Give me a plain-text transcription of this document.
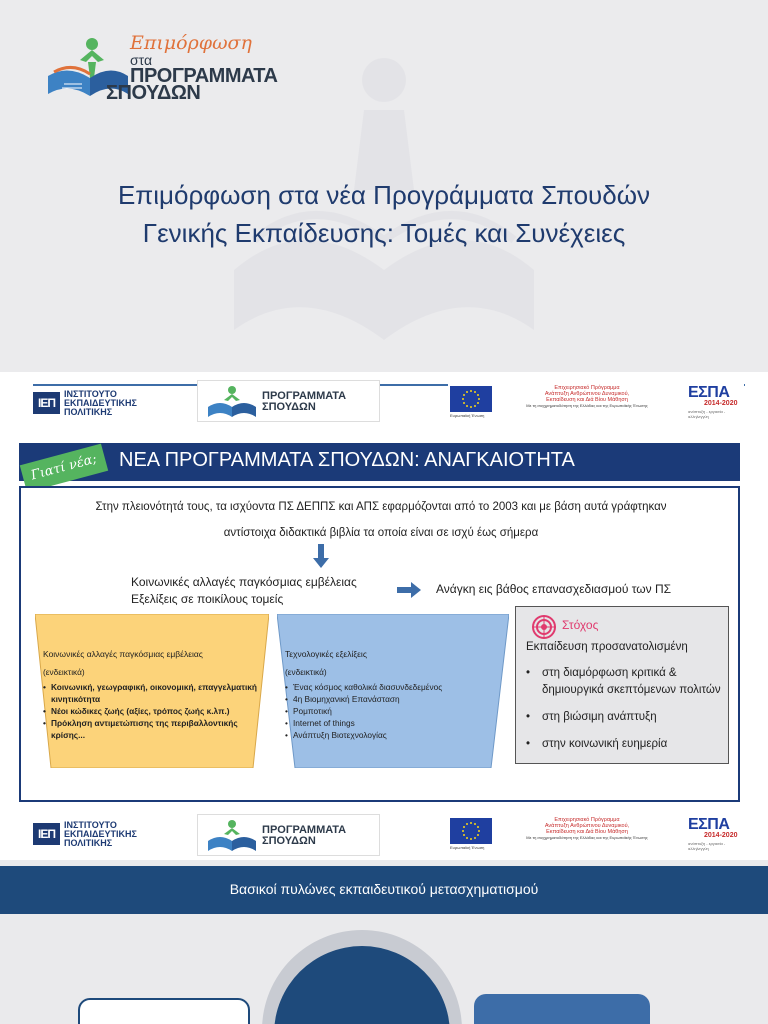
Επιμόρφωση
στα
ΠΡΟΓΡΑΜΜΑΤΑ
ΣΠΟΥΔΩΝ
Επιμόρφωση στα νέα Προγράμματα Σπουδών
Γενικής Εκπαίδευσης: Τομές και Συνέχειες
ΙΕΠ
ΙΝΣΤΙΤΟΥΤΟ
ΕΚΠΑΙΔΕΥΤΙΚΗΣ
ΠΟΛΙΤΙΚΗΣ
ΠΡΟΓΡΑΜΜΑΤΑ
ΣΠΟΥΔΩΝ
Ευρωπαϊκή Ένωση
Επιχειρησιακό Πρόγραμμα
Ανάπτυξη Ανθρώπινου Δυναμικού,
Εκπαίδευση και Διά Βίου Μάθηση
Με τη συγχρηματοδότηση της Ελλάδας και της Ευρωπαϊκής Ένωσης
ΕΣΠΑ
2014-2020
ανάπτυξη - εργασία - αλληλεγγύη
ΝΕΑ ΠΡΟΓΡΑΜΜΑΤΑ ΣΠΟΥΔΩΝ: ΑΝΑΓΚΑΙΟΤΗΤΑ
Γιατί νέα;
Στην πλειονότητά τους, τα ισχύοντα ΠΣ ΔΕΠΠΣ και ΑΠΣ εφαρμόζονται από το 2003 και με βάση αυτά γράφτηκαν
αντίστοιχα διδακτικά βιβλία τα οποία είναι σε ισχύ έως σήμερα
Κοινωνικές αλλαγές παγκόσμιας εμβέλειας
Εξελίξεις σε ποικίλους τομείς
Ανάγκη εις βάθος επανασχεδιασμού των ΠΣ
Κοινωνικές αλλαγές παγκόσμιας εμβέλειας
(ενδεικτικά)
• Κοινωνική, γεωγραφική, οικονομική, επαγγελματική κινητικότητα
• Νέοι κώδικες ζωής (αξίες, τρόπος ζωής κ.λπ.)
• Πρόκληση αντιμετώπισης της περιβαλλοντικής κρίσης...
Τεχνολογικές εξελίξεις
(ενδεικτικά)
• Ένας κόσμος καθολικά διασυνδεδεμένος
• 4η Βιομηχανική Επανάσταση
• Ρομποτική
• Internet of things
• Ανάπτυξη Βιοτεχνολογίας
Στόχος
Εκπαίδευση προσανατολισμένη
• στη διαμόρφωση κριτικά & δημιουργικά σκεπτόμενων πολιτών
• στη βιώσιμη ανάπτυξη
• στην κοινωνική ευημερία
ΙΕΠ
ΙΝΣΤΙΤΟΥΤΟ
ΕΚΠΑΙΔΕΥΤΙΚΗΣ
ΠΟΛΙΤΙΚΗΣ
ΠΡΟΓΡΑΜΜΑΤΑ
ΣΠΟΥΔΩΝ
Ευρωπαϊκή Ένωση
Επιχειρησιακό Πρόγραμμα
Ανάπτυξη Ανθρώπινου Δυναμικού,
Εκπαίδευση και Διά Βίου Μάθηση
Με τη συγχρηματοδότηση της Ελλάδας και της Ευρωπαϊκής Ένωσης
ΕΣΠΑ
2014-2020
ανάπτυξη - εργασία - αλληλεγγύη
Βασικοί πυλώνες εκπαιδευτικού μετασχηματισμού
